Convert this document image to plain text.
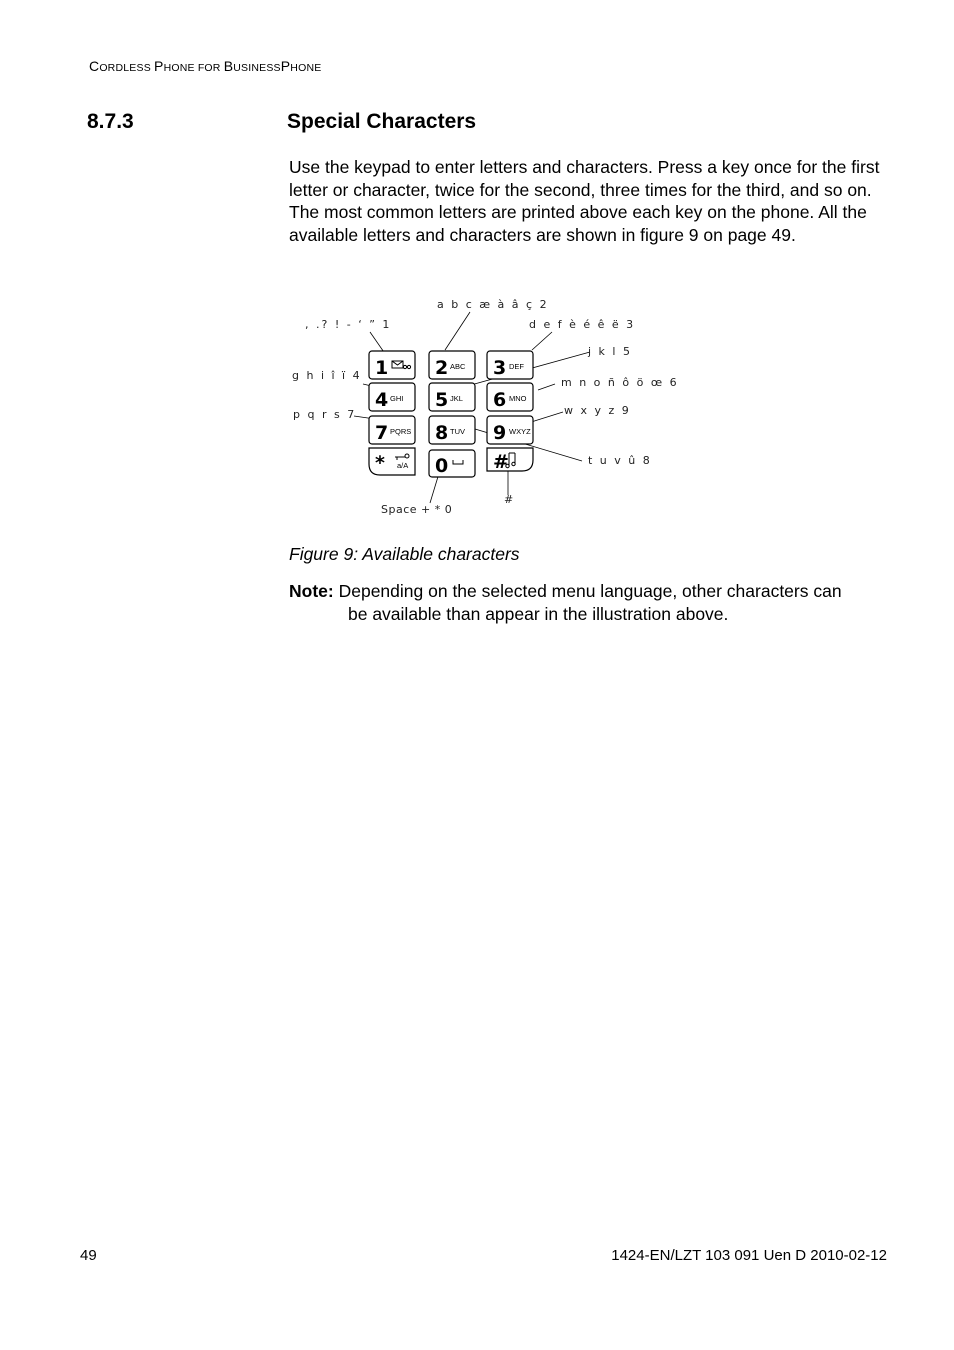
CORDLESS PHONE FOR BUSINESSPHONE
8.7.3	Special Characters
Use the keypad to enter letters and characters. Press a key once for the first letter or character, twice for the second, three times for the third, and so on. The most common letters are printed above each key on the phone. All the available letters and characters are shown in figure 9 on page 49.
1 2 3
4 5 6
7 8 9
*	0 #
ABC	DEF
GHI	JKL	MNO
PQRS	TUV	WXYZ
a/A
, .? ! - ‘ ” 1
a b c æ à â ç 2
d e f è é ê ë 3
g h i î ï 4
j k l 5
m n o ñ ô ö œ 6
p q r s 7
t u v û 8
w x y z 9
Space + * 0
#
Figure 9: Available characters
Note: Depending on the selected menu language, other characters can
be available than appear in the illustration above.
49	1424-EN/LZT 103 091 Uen D 2010-02-12
